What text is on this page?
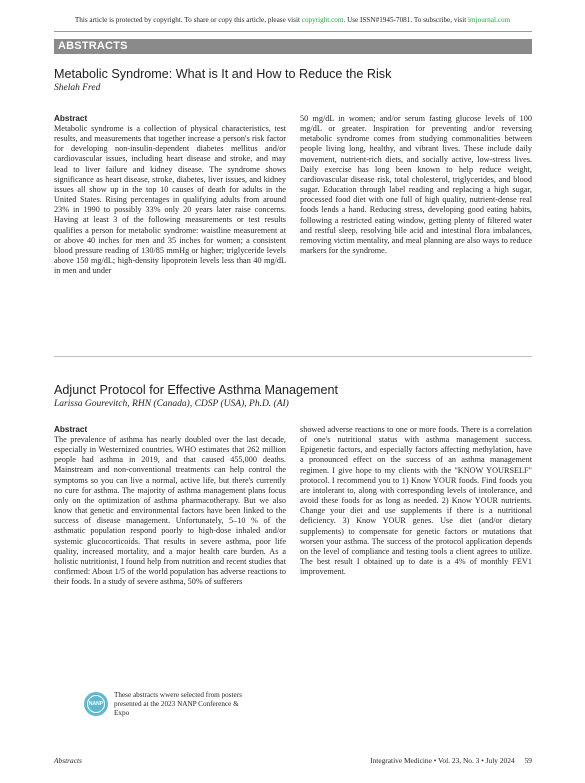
This article is protected by copyright. To share or copy this article, please visit copyright.com. Use ISSN#1945-7081. To subscribe, visit imjournal.com
ABSTRACTS
Metabolic Syndrome: What is It and How to Reduce the Risk
Shelah Fred
Abstract

Metabolic syndrome is a collection of physical characteristics, test results, and measurements that together increase a person's risk factor for developing non-insulin-dependent diabetes mellitus and/or cardiovascular issues, including heart disease and stroke, and may lead to liver failure and kidney disease. The syndrome shows significance as heart disease, stroke, diabetes, liver issues, and kidney issues all show up in the top 10 causes of death for adults in the United States. Rising percentages in qualifying adults from around 23% in 1990 to possibly 33% only 20 years later raise concerns. Having at least 3 of the following measurements or test results qualifies a person for metabolic syndrome: waistline measurement at or above 40 inches for men and 35 inches for women; a consistent blood pressure reading of 130/85 mmHg or higher; triglyceride levels above 150 mg/dL; high-density lipoprotein levels less than 40 mg/dL in men and under

50 mg/dL in women; and/or serum fasting glucose levels of 100 mg/dL or greater. Inspiration for preventing and/or reversing metabolic syndrome comes from studying commonalities between people living long, healthy, and vibrant lives. These include daily movement, nutrient-rich diets, and socially active, low-stress lives. Daily exercise has long been known to help reduce weight, cardiovascular disease risk, total cholesterol, triglycerides, and blood sugar. Education through label reading and replacing a high sugar, processed food diet with one full of high quality, nutrient-dense real foods lends a hand. Reducing stress, developing good eating habits, following a restricted eating window, getting plenty of filtered water and restful sleep, resolving bile acid and intestinal flora imbalances, removing victim mentality, and meal planning are also ways to reduce markers for the syndrome.

Adjunct Protocol for Effective Asthma Management
Larissa Gourevitch, RHN (Canada), CDSP (USA), Ph.D. (AI)
Abstract

The prevalence of asthma has nearly doubled over the last decade, especially in Westernized countries. WHO estimates that 262 million people had asthma in 2019, and that caused 455,000 deaths. Mainstream and non-conventional treatments can help control the symptoms so you can live a normal, active life, but there's currently no cure for asthma. The majority of asthma management plans focus only on the optimization of asthma pharmacotherapy. But we also know that genetic and environmental factors have been linked to the success of disease management. Unfortunately, 5–10 % of the asthmatic population respond poorly to high-dose inhaled and/or systemic glucocorticoids. That results in severe asthma, poor life quality, increased mortality, and a major health care burden. As a holistic nutritionist, I found help from nutrition and recent studies that confirmed: About 1/5 of the world population has adverse reactions to their foods. In a study of severe asthma, 50% of sufferers

showed adverse reactions to one or more foods. There is a correlation of one's nutritional status with asthma management success. Epigenetic factors, and especially factors affecting methylation, have a pronounced effect on the success of an asthma management regimen. I give hope to my clients with the "KNOW YOURSELF" protocol. I recommend you to 1) Know YOUR foods. Find foods you are intolerant to, along with corresponding levels of intolerance, and avoid these foods for as long as needed. 2) Know YOUR nutrients. Change your diet and use supplements if there is a nutritional deficiency. 3) Know YOUR genes. Use diet (and/or dietary supplements) to compensate for genetic factors or mutations that worsen your asthma. The success of the protocol application depends on the level of compliance and testing tools a client agrees to utilize. The best result I obtained up to date is a 4% of monthly FEV1 improvement.

NANP
These abstracts wwere selected from posters presented at the 2023 NANP Conference & Expo
Abstracts	Integrative Medicine • Vol. 23, No. 3 • July 2024 59
